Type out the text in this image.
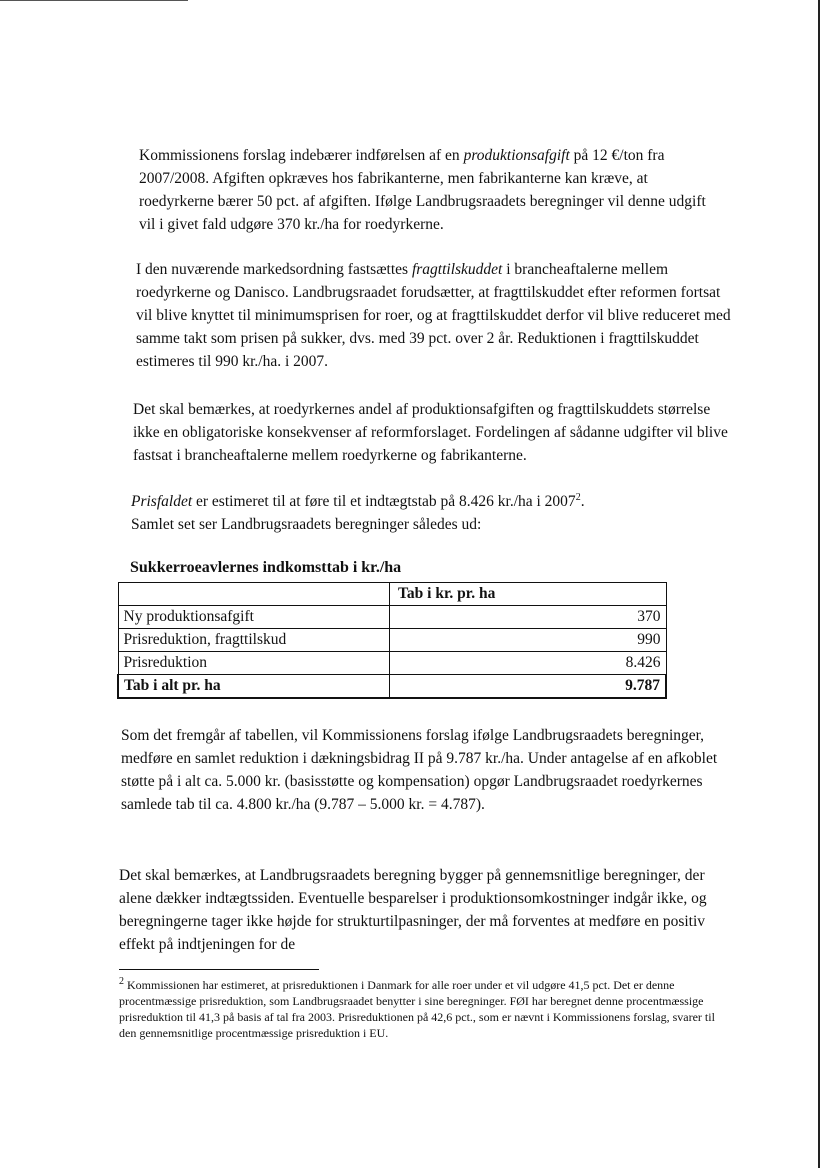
Kommissionens forslag indebærer indførelsen af en produktionsafgift på 12 €/ton fra 2007/2008. Afgiften opkræves hos fabrikanterne, men fabrikanterne kan kræve, at roedyrkerne bærer 50 pct. af afgiften. Ifølge Landbrugsraadets beregninger vil denne udgift vil i givet fald udgøre 370 kr./ha for roedyrkerne.

I den nuværende markedsordning fastsættes fragttilskuddet i brancheaftalerne mellem roedyrkerne og Danisco. Landbrugsraadet forudsætter, at fragttilskuddet efter reformen fortsat vil blive knyttet til minimumsprisen for roer, og at fragttilskuddet derfor vil blive reduceret med samme takt som prisen på sukker, dvs. med 39 pct. over 2 år. Reduktionen i fragttilskuddet estimeres til 990 kr./ha. i 2007.

Det skal bemærkes, at roedyrkernes andel af produktionsafgiften og fragttilskuddets størrelse ikke en obligatoriske konsekvenser af reformforslaget. Fordelingen af sådanne udgifter vil blive fastsat i brancheaftalerne mellem roedyrkerne og fabrikanterne.

Prisfaldet er estimeret til at føre til et indtægtstab på 8.426 kr./ha i 2007$^2$.
Samlet set ser Landbrugsraadets beregninger således ud:

Sukkerroeavlernes indkomsttab i kr./ha

	Tab i kr. pr. ha
Ny produktionsafgift	370
Prisreduktion, fragttilskud	990
Prisreduktion	8.426
Tab i alt pr. ha	9.787

Som det fremgår af tabellen, vil Kommissionens forslag ifølge Landbrugsraadets beregninger, medføre en samlet reduktion i dækningsbidrag II på 9.787 kr./ha. Under antagelse af en afkoblet støtte på i alt ca. 5.000 kr. (basisstøtte og kompensation) opgør Landbrugsraadet roedyrkernes samlede tab til ca. 4.800 kr./ha (9.787 – 5.000 kr. = 4.787).

Det skal bemærkes, at Landbrugsraadets beregning bygger på gennemsnitlige beregninger, der alene dækker indtægtssiden. Eventuelle besparelser i produktionsomkostninger indgår ikke, og beregningerne tager ikke højde for strukturtilpasninger, der må forventes at medføre en positiv effekt på indtjeningen for de

$^2$ Kommissionen har estimeret, at prisreduktionen i Danmark for alle roer under et vil udgøre 41,5 pct. Det er denne procentmæssige prisreduktion, som Landbrugsraadet benytter i sine beregninger. FØI har beregnet denne procentmæssige prisreduktion til 41,3 på basis af tal fra 2003. Prisreduktionen på 42,6 pct., som er nævnt i Kommissionens forslag, svarer til den gennemsnitlige procentmæssige prisreduktion i EU.
